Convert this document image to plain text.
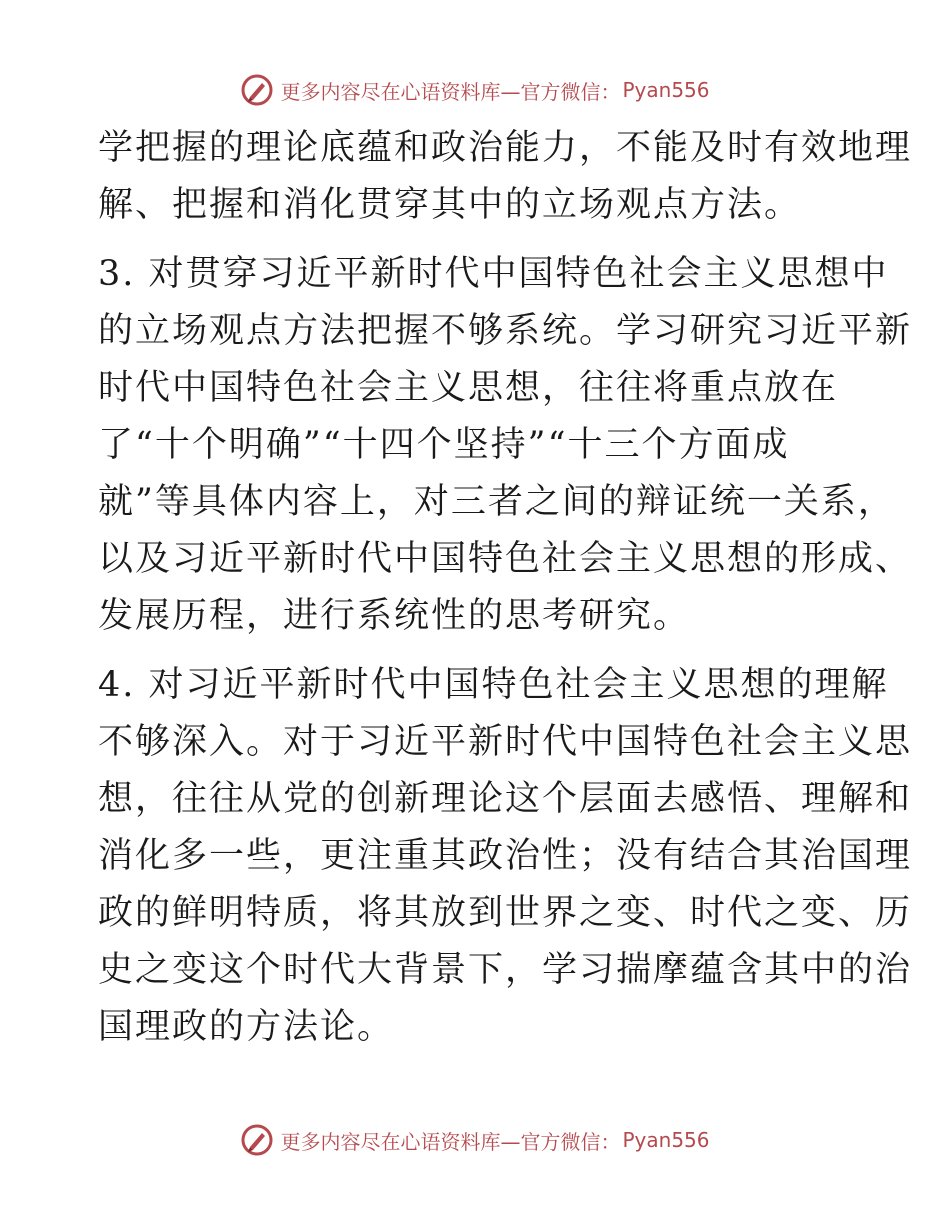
更多内容尽在心语资料库—官方微信： Pyan556

学把握的理论底蕴和政治能力，不能及时有效地理
解、把握和消化贯穿其中的立场观点方法。

3. 对贯穿习近平新时代中国特色社会主义思想中
的立场观点方法把握不够系统。学习研究习近平新
时代中国特色社会主义思想，往往将重点放在
了“十个明确”“十四个坚持”“十三个方面成
就”等具体内容上，对三者之间的辩证统一关系，
以及习近平新时代中国特色社会主义思想的形成、
发展历程，进行系统性的思考研究。

4. 对习近平新时代中国特色社会主义思想的理解
不够深入。对于习近平新时代中国特色社会主义思
想，往往从党的创新理论这个层面去感悟、理解和
消化多一些，更注重其政治性；没有结合其治国理
政的鲜明特质，将其放到世界之变、时代之变、历
史之变这个时代大背景下，学习揣摩蕴含其中的治
国理政的方法论。

更多内容尽在心语资料库—官方微信： Pyan556
